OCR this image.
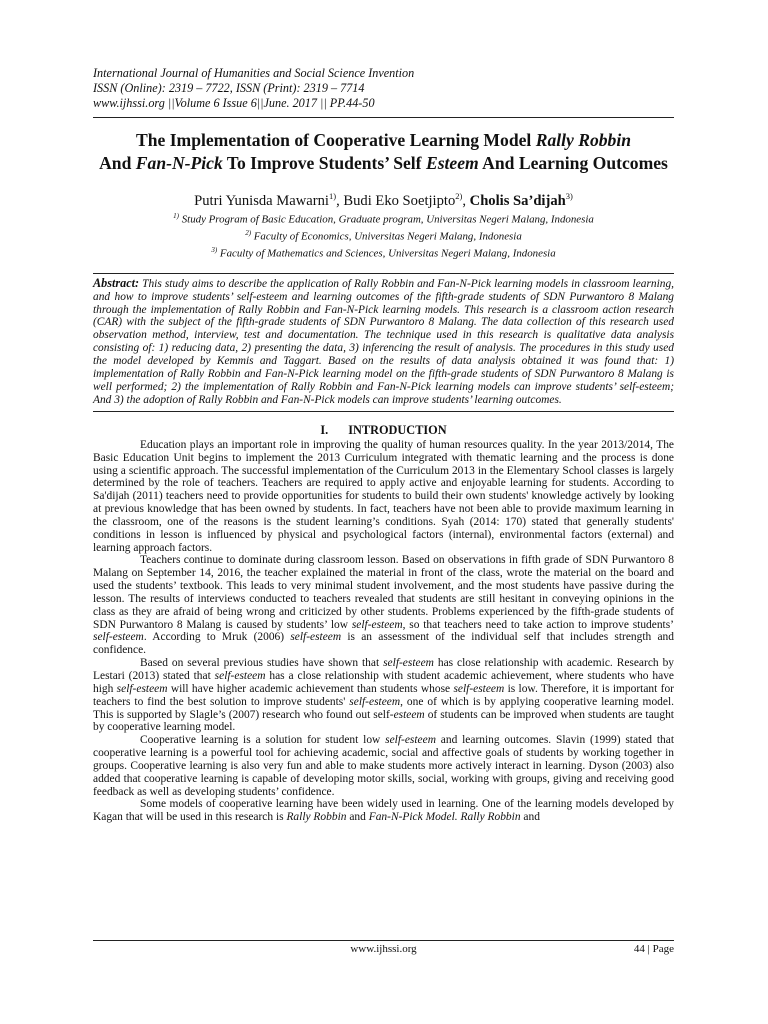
International Journal of Humanities and Social Science Invention

ISSN (Online): 2319 – 7722, ISSN (Print): 2319 – 7714

www.ijhssi.org ||Volume 6 Issue 6||June. 2017 || PP.44-50

The Implementation of Cooperative Learning Model Rally Robbin
And Fan-N-Pick To Improve Students’ Self Esteem And Learning Outcomes
Putri Yunisda Mawarni$^{1)}$, Budi Eko Soetjipto$^{2)}$, Cholis Sa’dijah$^{3)}$
$^{1)}$ Study Program of Basic Education, Graduate program, Universitas Negeri Malang, Indonesia
$^{2)}$ Faculty of Economics, Universitas Negeri Malang, Indonesia
$^{3)}$ Faculty of Mathematics and Sciences, Universitas Negeri Malang, Indonesia

Abstract: This study aims to describe the application of Rally Robbin and Fan-N-Pick learning models in classroom learning, and how to improve students’ self-esteem and learning outcomes of the fifth-grade students of SDN Purwantoro 8 Malang through the implementation of Rally Robbin and Fan-N-Pick learning models. This research is a classroom action research (CAR) with the subject of the fifth-grade students of SDN Purwantoro 8 Malang. The data collection of this research used observation method, interview, test and documentation. The technique used in this research is qualitative data analysis consisting of: 1) reducing data, 2) presenting the data, 3) inferencing the result of analysis. The procedures in this study used the model developed by Kemmis and Taggart. Based on the results of data analysis obtained it was found that: 1) implementation of Rally Robbin and Fan-N-Pick learning model on the fifth-grade students of SDN Purwantoro 8 Malang is well performed; 2) the implementation of Rally Robbin and Fan-N-Pick learning models can improve students’ self-esteem; And 3) the adoption of Rally Robbin and Fan-N-Pick models can improve students’ learning outcomes.

I. INTRODUCTION

Education plays an important role in improving the quality of human resources quality. In the year 2013/2014, The Basic Education Unit begins to implement the 2013 Curriculum integrated with thematic learning and the process is done using a scientific approach. The successful implementation of the Curriculum 2013 in the Elementary School classes is largely determined by the role of teachers. Teachers are required to apply active and enjoyable learning for students. According to Sa'dijah (2011) teachers need to provide opportunities for students to build their own students' knowledge actively by looking at previous knowledge that has been owned by students. In fact, teachers have not been able to provide maximum learning in the classroom, one of the reasons is the student learning’s conditions. Syah (2014: 170) stated that generally students' conditions in lesson is influenced by physical and psychological factors (internal), environmental factors (external) and learning approach factors.

Teachers continue to dominate during classroom lesson. Based on observations in fifth grade of SDN Purwantoro 8 Malang on September 14, 2016, the teacher explained the material in front of the class, wrote the material on the board and used the students’ textbook. This leads to very minimal student involvement, and the most students have passive during the lesson. The results of interviews conducted to teachers revealed that students are still hesitant in conveying opinions in the class as they are afraid of being wrong and criticized by other students. Problems experienced by the fifth-grade students of SDN Purwantoro 8 Malang is caused by students’ low self-esteem, so that teachers need to take action to improve students’ self-esteem. According to Mruk (2006) self-esteem is an assessment of the individual self that includes strength and confidence.

Based on several previous studies have shown that self-esteem has close relationship with academic. Research by Lestari (2013) stated that self-esteem has a close relationship with student academic achievement, where students who have high self-esteem will have higher academic achievement than students whose self-esteem is low. Therefore, it is important for teachers to find the best solution to improve students' self-esteem, one of which is by applying cooperative learning model. This is supported by Slagle’s (2007) research who found out self-esteem of students can be improved when students are taught by cooperative learning model.

Cooperative learning is a solution for student low self-esteem and learning outcomes. Slavin (1999) stated that cooperative learning is a powerful tool for achieving academic, social and affective goals of students by working together in groups. Cooperative learning is also very fun and able to make students more actively interact in learning. Dyson (2003) also added that cooperative learning is capable of developing motor skills, social, working with groups, giving and receiving good feedback as well as developing students’ confidence.

Some models of cooperative learning have been widely used in learning. One of the learning models developed by Kagan that will be used in this research is Rally Robbin and Fan-N-Pick Model. Rally Robbin and

www.ijhssi.org	44 | Page
